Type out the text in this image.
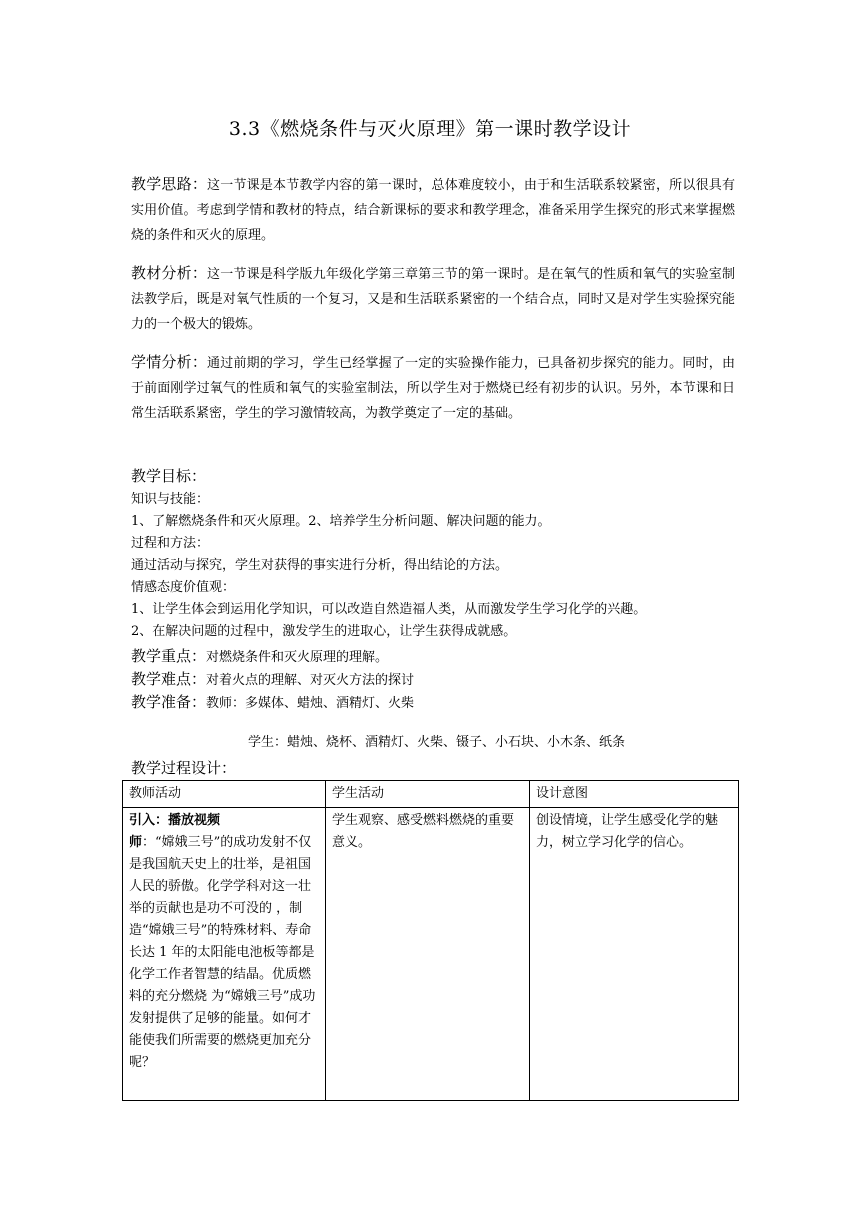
3.3《燃烧条件与灭火原理》第一课时教学设计
教学思路：这一节课是本节教学内容的第一课时，总体难度较小，由于和生活联系较紧密，所以很具有实用价值。考虑到学情和教材的特点，结合新课标的要求和教学理念，准备采用学生探究的形式来掌握燃烧的条件和灭火的原理。
教材分析：这一节课是科学版九年级化学第三章第三节的第一课时。是在氧气的性质和氧气的实验室制法教学后，既是对氧气性质的一个复习，又是和生活联系紧密的一个结合点，同时又是对学生实验探究能力的一个极大的锻炼。
学情分析：通过前期的学习，学生已经掌握了一定的实验操作能力，已具备初步探究的能力。同时，由于前面刚学过氧气的性质和氧气的实验室制法，所以学生对于燃烧已经有初步的认识。另外，本节课和日常生活联系紧密，学生的学习激情较高，为教学奠定了一定的基础。
教学目标：
知识与技能：
1、了解燃烧条件和灭火原理。2、培养学生分析问题、解决问题的能力。
过程和方法：
通过活动与探究，学生对获得的事实进行分析，得出结论的方法。
情感态度价值观：
1、让学生体会到运用化学知识，可以改造自然造福人类，从而激发学生学习化学的兴趣。
2、在解决问题的过程中，激发学生的进取心，让学生获得成就感。
教学重点：对燃烧条件和灭火原理的理解。
教学难点：对着火点的理解、对灭火方法的探讨
教学准备：教师：多媒体、蜡烛、酒精灯、火柴
学生：蜡烛、烧杯、酒精灯、火柴、镊子、小石块、小木条、纸条
教学过程设计：
教师活动	学生活动	设计意图

引入：播放视频
师：“嫦娥三号”的成功发射不仅是我国航天史上的壮举，是祖国人民的骄傲。化学学科对这一壮举的贡献也是功不可没的 ，制造“嫦娥三号”的特殊材料、寿命长达 1 年的太阳能电池板等都是化学工作者智慧的结晶。优质燃料的充分燃烧 为“嫦娥三号”成功发射提供了足够的能量。如何才能使我们所需要的燃烧更加充分呢？	学生观察、感受燃料燃烧的重要意义。	创设情境，让学生感受化学的魅力，树立学习化学的信心。
